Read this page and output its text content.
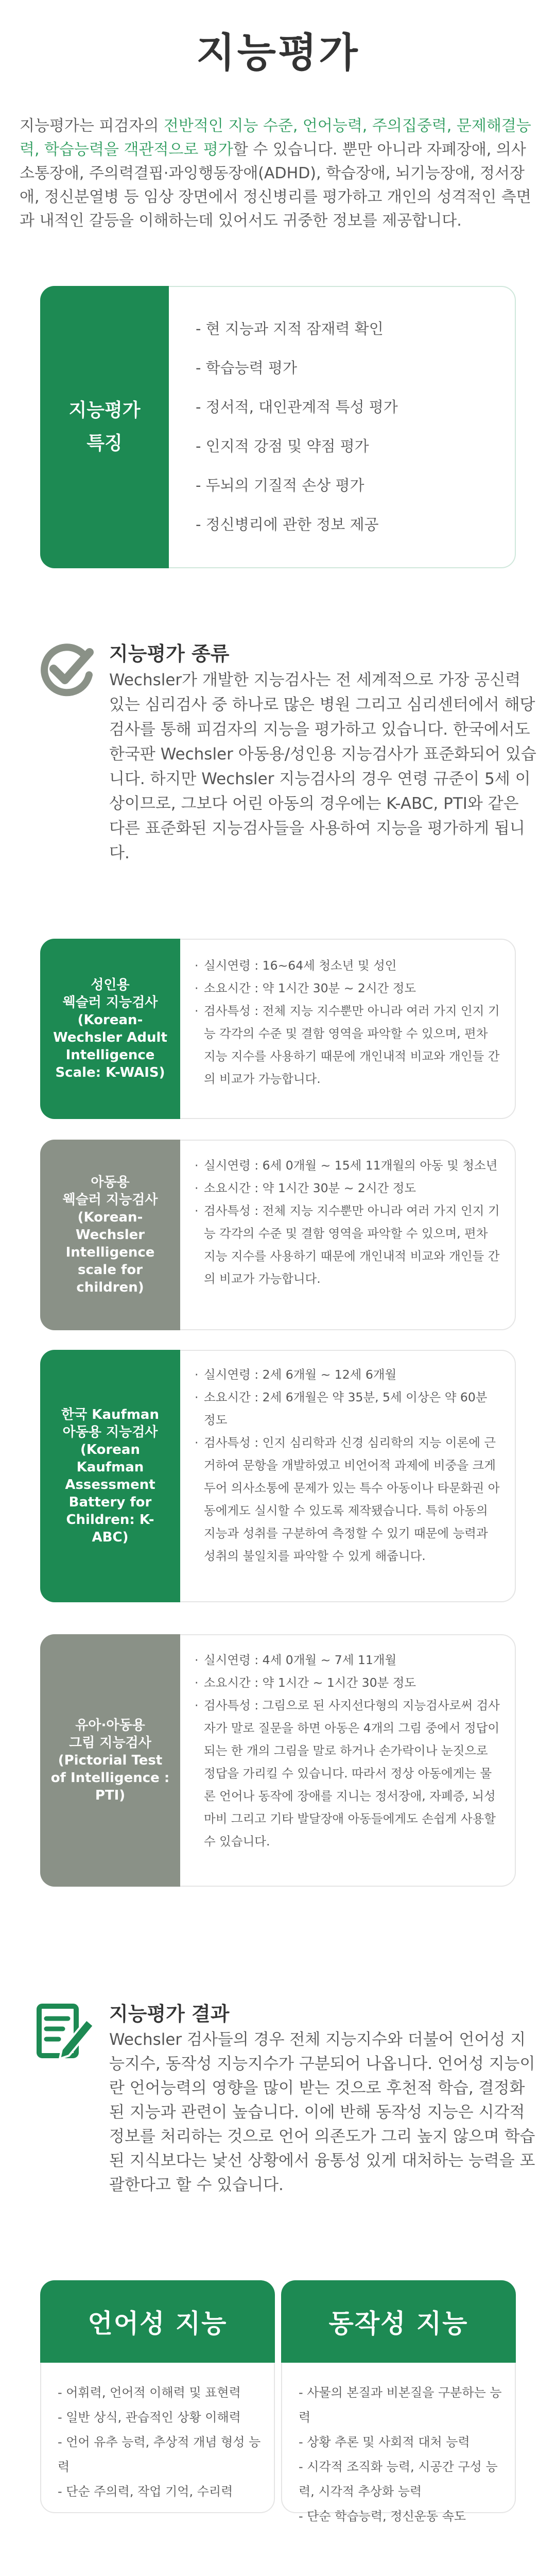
지능평가
지능평가는 피검자의 전반적인 지능 수준, 언어능력, 주의집중력, 문제해결능력, 학습능력을 객관적으로 평가할 수 있습니다. 뿐만 아니라 자폐장애, 의사소통장애, 주의력결핍·과잉행동장애(ADHD), 학습장애, 뇌기능장애, 정서장애, 정신분열병 등 임상 장면에서 정신병리를 평가하고 개인의 성격적인 측면과 내적인 갈등을 이해하는데 있어서도 귀중한 정보를 제공합니다.
지능평가
특징
- 현 지능과 지적 잠재력 확인
- 학습능력 평가
- 정서적, 대인관계적 특성 평가
- 인지적 강점 및 약점 평가
- 두뇌의 기질적 손상 평가
- 정신병리에 관한 정보 제공
지능평가 종류
Wechsler가 개발한 지능검사는 전 세계적으로 가장 공신력 있는 심리검사 중 하나로 많은 병원 그리고 심리센터에서 해당 검사를 통해 피검자의 지능을 평가하고 있습니다. 한국에서도 한국판 Wechsler 아동용/성인용 지능검사가 표준화되어 있습니다. 하지만 Wechsler 지능검사의 경우 연령 규준이 5세 이상이므로, 그보다 어린 아동의 경우에는 K-ABC, PTI와 같은 다른 표준화된 지능검사들을 사용하여 지능을 평가하게 됩니다.
성인용
웩슬러 지능검사
(Korean-Wechsler Adult Intelligence Scale: K-WAIS)
· 실시연령 : 16~64세 청소년 및 성인
· 소요시간 : 약 1시간 30분 ~ 2시간 정도
· 검사특성 : 전체 지능 지수뿐만 아니라 여러 가지 인지 기능 각각의 수준 및 결함 영역을 파악할 수 있으며, 편차 지능 지수를 사용하기 때문에 개인내적 비교와 개인들 간의 비교가 가능합니다.
아동용
웩슬러 지능검사
(Korean-Wechsler Intelligence scale for children)
· 실시연령 : 6세 0개월 ~ 15세 11개월의 아동 및 청소년
· 소요시간 : 약 1시간 30분 ~ 2시간 정도
· 검사특성 : 전체 지능 지수뿐만 아니라 여러 가지 인지 기능 각각의 수준 및 결함 영역을 파악할 수 있으며, 편차 지능 지수를 사용하기 때문에 개인내적 비교와 개인들 간의 비교가 가능합니다.
한국 Kaufman
아동용 지능검사
(Korean Kaufman Assessment Battery for Children: K-ABC)
· 실시연령 : 2세 6개월 ~ 12세 6개월
· 소요시간 : 2세 6개월은 약 35분, 5세 이상은 약 60분 정도
· 검사특성 : 인지 심리학과 신경 심리학의 지능 이론에 근거하여 문항을 개발하였고 비언어적 과제에 비중을 크게 두어 의사소통에 문제가 있는 특수 아동이나 타문화권 아동에게도 실시할 수 있도록 제작됐습니다. 특히 아동의 지능과 성취를 구분하여 측정할 수 있기 때문에 능력과 성취의 불일치를 파악할 수 있게 해줍니다.
유아·아동용
그림 지능검사
(Pictorial Test of Intelligence : PTI)
· 실시연령 : 4세 0개월 ~ 7세 11개월
· 소요시간 : 약 1시간 ~ 1시간 30분 정도
· 검사특성 : 그림으로 된 사지선다형의 지능검사로써 검사자가 말로 질문을 하면 아동은 4개의 그림 중에서 정답이 되는 한 개의 그림을 말로 하거나 손가락이나 눈짓으로 정답을 가리킬 수 있습니다. 따라서 정상 아동에게는 물론 언어나 동작에 장애를 지니는 정서장애, 자폐증, 뇌성마비 그리고 기타 발달장애 아동들에게도 손쉽게 사용할 수 있습니다.
지능평가 결과
Wechsler 검사들의 경우 전체 지능지수와 더불어 언어성 지능지수, 동작성 지능지수가 구분되어 나옵니다. 언어성 지능이란 언어능력의 영향을 많이 받는 것으로 후천적 학습, 결정화된 지능과 관련이 높습니다. 이에 반해 동작성 지능은 시각적 정보를 처리하는 것으로 언어 의존도가 그리 높지 않으며 학습된 지식보다는 낯선 상황에서 융통성 있게 대처하는 능력을 포괄한다고 할 수 있습니다.
언어성 지능
- 어휘력, 언어적 이해력 및 표현력
- 일반 상식, 관습적인 상황 이해력
- 언어 유추 능력, 추상적 개념 형성 능력
- 단순 주의력, 작업 기억, 수리력
동작성 지능
- 사물의 본질과 비본질을 구분하는 능력
- 상황 추론 및 사회적 대처 능력
- 시각적 조직화 능력, 시공간 구성 능력, 시각적 추상화 능력
- 단순 학습능력, 정신운동 속도
